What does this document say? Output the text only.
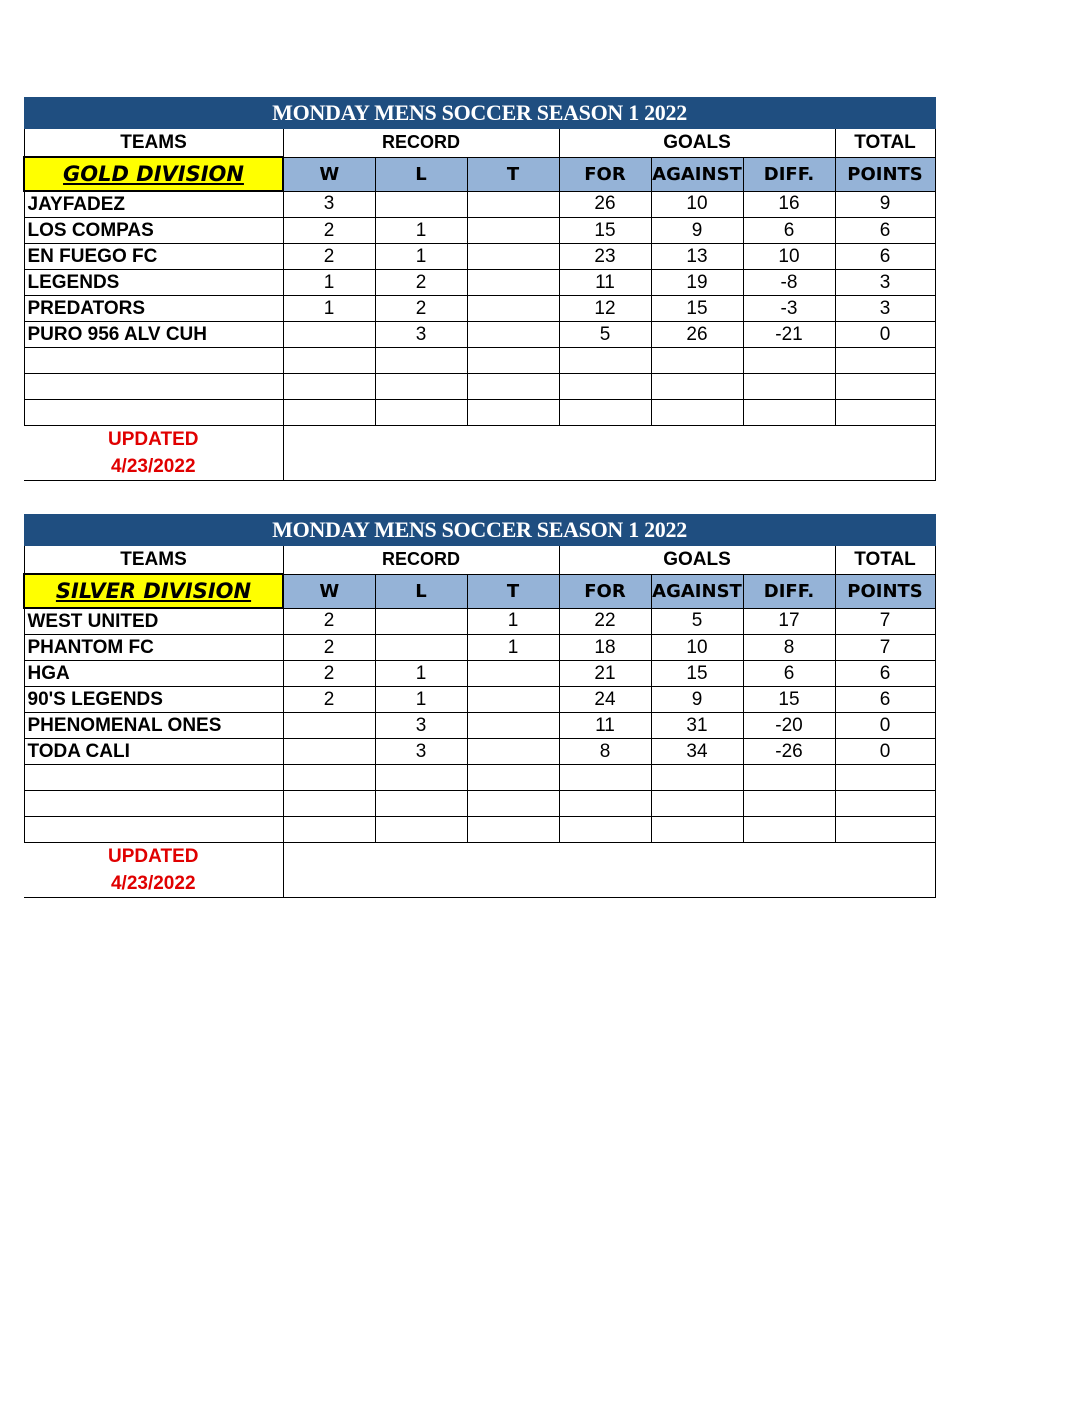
MONDAY MENS SOCCER SEASON 1 2022							
TEAMS	RECORD			GOALS			TOTAL
GOLD DIVISION	W	L	T	FOR	AGAINST	DIFF.	POINTS
JAYFADEZ	3			26	10	16	9
LOS COMPAS	2	1		15	9	6	6
EN FUEGO FC	2	1		23	13	10	6
LEGENDS	1	2		11	19	-8	3
PREDATORS	1	2		12	15	-3	3
PURO 956 ALV CUH		3		5	26	-21	0

UPDATED
4/23/2022							

MONDAY MENS SOCCER SEASON 1 2022							
TEAMS	RECORD			GOALS			TOTAL
SILVER DIVISION	W	L	T	FOR	AGAINST	DIFF.	POINTS
WEST UNITED	2		1	22	5	17	7
PHANTOM FC	2		1	18	10	8	7
HGA	2	1		21	15	6	6
90'S LEGENDS	2	1		24	9	15	6
PHENOMENAL ONES		3		11	31	-20	0
TODA CALI		3		8	34	-26	0

UPDATED
4/23/2022							
